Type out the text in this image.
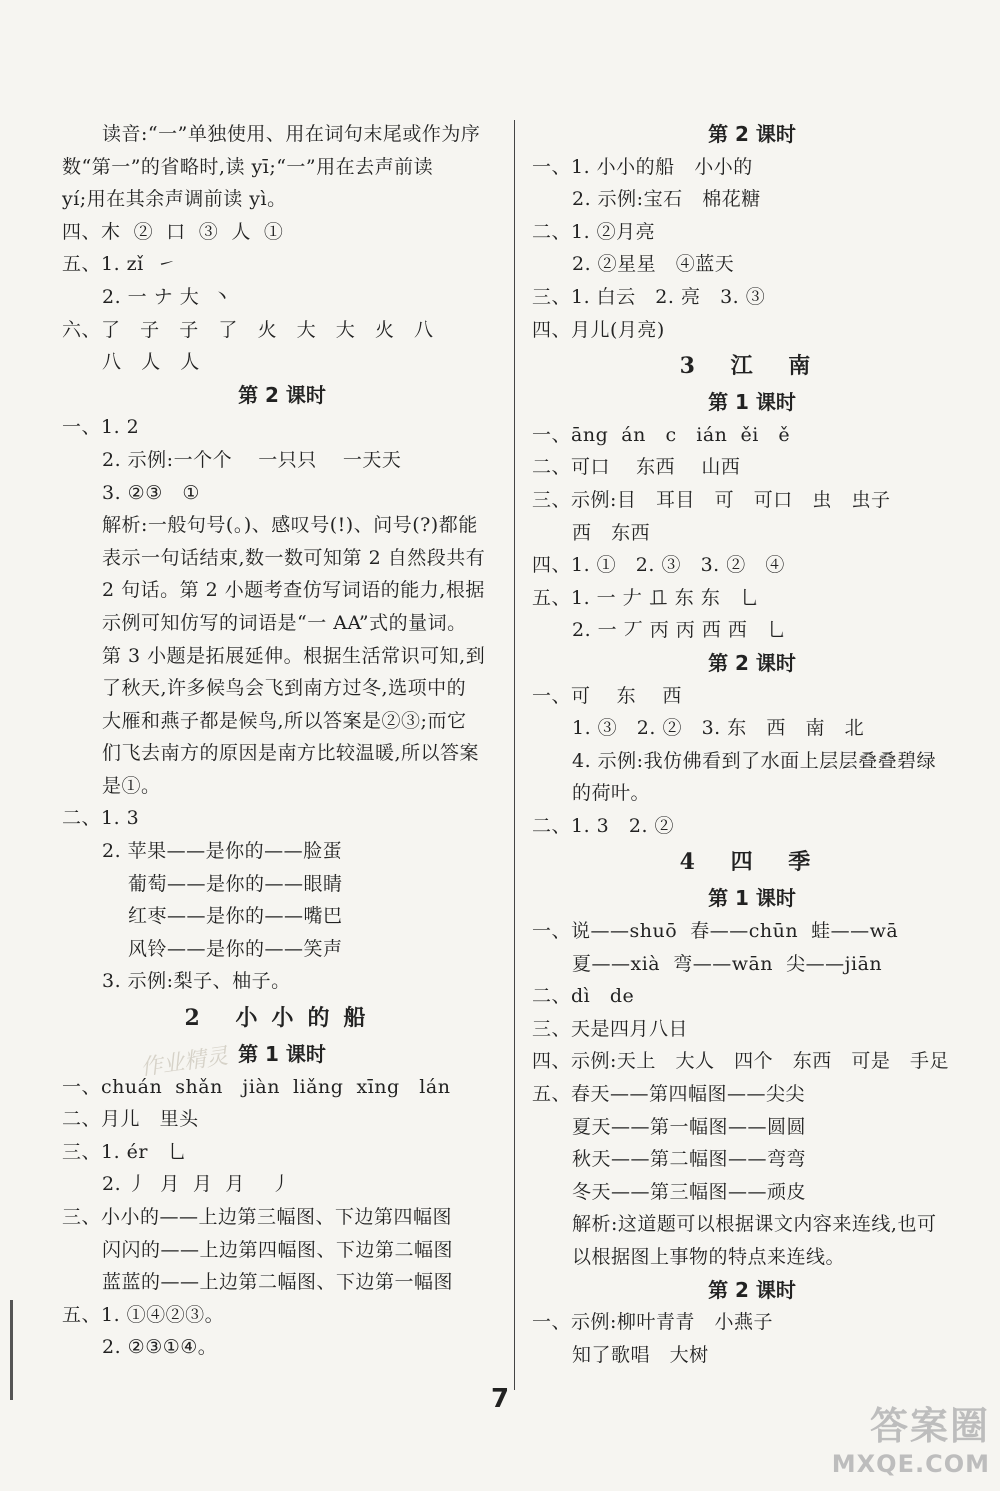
读音:“一”单独使用、用在词句末尾或作为序
数“第一”的省略时,读 yī;“一”用在去声前读
yí;用在其余声调前读 yì。
四、木  ②  口  ③  人  ①
五、1. zǐ  ㇀
2. 一 ナ 大  丶
六、了   子   子   了   火   大   大   火   八
八   人   人
第 2 课时
一、1. 2
2. 示例:一个个    一只只    一天天
3. ②③   ①
解析:一般句号(。)、感叹号(!)、问号(?)都能
表示一句话结束,数一数可知第 2 自然段共有
2 句话。第 2 小题考查仿写词语的能力,根据
示例可知仿写的词语是“一 AA”式的量词。
第 3 小题是拓展延伸。根据生活常识可知,到
了秋天,许多候鸟会飞到南方过冬,选项中的
大雁和燕子都是候鸟,所以答案是②③;而它
们飞去南方的原因是南方比较温暖,所以答案
是①。
二、1. 3
2. 苹果——是你的——脸蛋
葡萄——是你的——眼睛
红枣——是你的——嘴巴
风铃——是你的——笑声
3. 示例:梨子、柚子。
2 小小的船
第 1 课时
一、chuán  shǎn   jiàn  liǎng  xīng   lán
二、月儿   里头
三、1. ér   乚
2. 丿  月  月  月    丿
三、小小的——上边第三幅图、下边第四幅图
闪闪的——上边第四幅图、下边第二幅图
蓝蓝的——上边第二幅图、下边第一幅图
五、1. ①④②③。
2. ②③①④。
第 2 课时
一、1. 小小的船   小小的
2. 示例:宝石   棉花糖
二、1. ②月亮
2. ②星星   ④蓝天
三、1. 白云   2. 亮   3. ③
四、月儿(月亮)
3 江 南
第 1 课时
一、āng  án   c   ián  ěi   ě
二、可口    东西    山西
三、示例:目   耳目   可   可口   虫   虫子
西   东西
四、1. ①   2. ③   3. ②   ④
五、1. 一 𠂇 𠀃 东 东   乚
2. 一 丆 丙 丙 西 西   乚
第 2 课时
一、可    东    西
1. ③   2. ②   3. 东   西   南   北
4. 示例:我仿佛看到了水面上层层叠叠碧绿
的荷叶。
二、1. 3   2. ②
4 四 季
第 1 课时
一、说——shuō  春——chūn  蛙——wā
夏——xià  弯——wān  尖——jiān
二、dì   de
三、天是四月八日
四、示例:天上   大人   四个   东西   可是   手足
五、春天——第四幅图——尖尖
夏天——第一幅图——圆圆
秋天——第二幅图——弯弯
冬天——第三幅图——顽皮
解析:这道题可以根据课文内容来连线,也可
以根据图上事物的特点来连线。
第 2 课时
一、示例:柳叶青青   小燕子
知了歌唱   大树
作业精灵
7
答案圈
MXQE.COM
